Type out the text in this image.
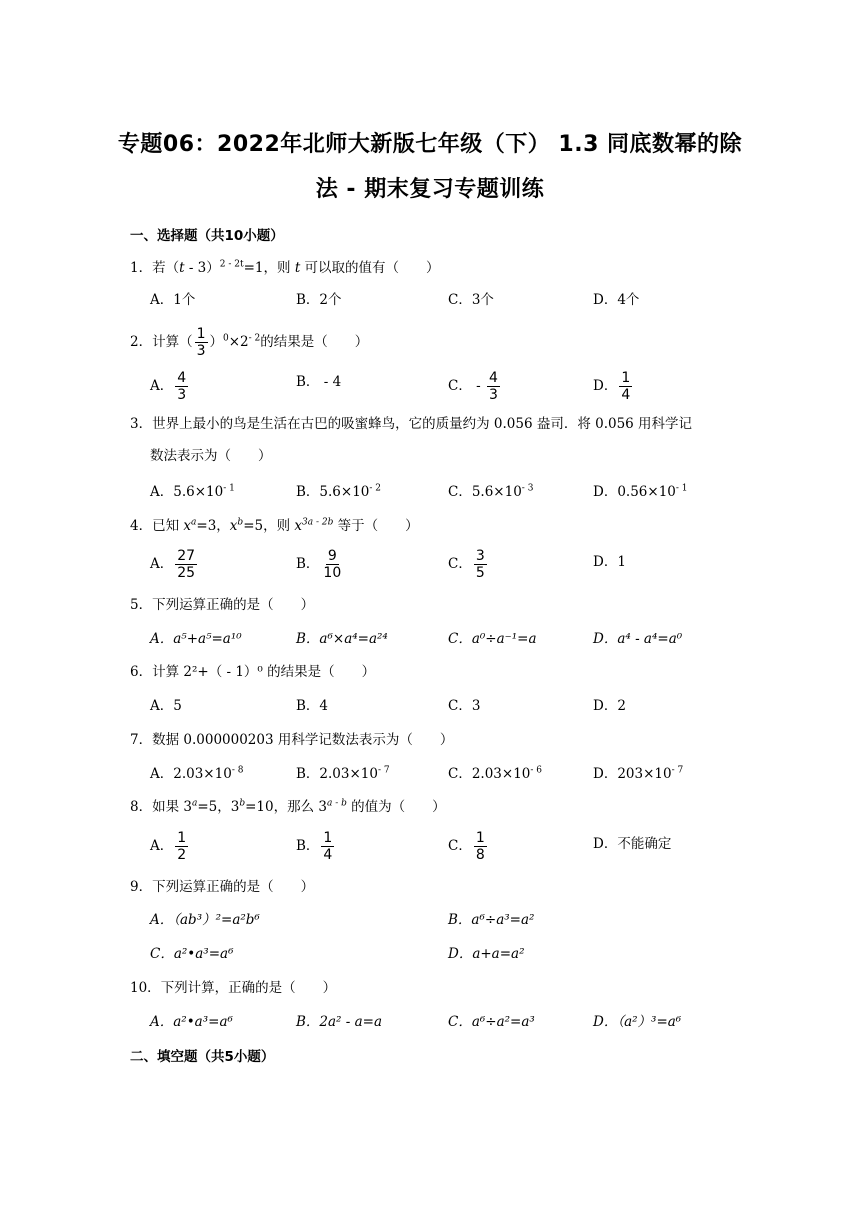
专题06：2022年北师大新版七年级（下） 1.3 同底数幂的除
法 - 期末复习专题训练
一、选择题（共10小题）
1．若（t - 3）$^{2 - 2t}$=1，则 t 可以取的值有（　　）
A．1个	B．2个	C．3个	D．4个
2．计算（ $\frac{1}{3} )^0\times 2^{- 2}$的结果是（　　）
A． $\frac{4}{3}$	B． - 4	C． - $\frac{4}{3}$	D． $\frac{1}{4}$
3．世界上最小的鸟是生活在古巴的吸蜜蜂鸟，它的质量约为 0.056 盎司．将 0.056 用科学记
数法表示为（　　）
A．$5.6\times 10^{- 1}$	B．$5.6\times 10^{- 2}$	C．$5.6\times 10^{- 3}$	D．$0.56\times 10^{- 1}$
4．已知 $x^a=3$，$x^b=5$，则 $x^{3a - 2b}$ 等于（　　）
A． $\frac{27}{25}$	B． $\frac{9}{10}$	C． $\frac{3}{5}$	D．1
5．下列运算正确的是（　　）
A．a⁵+a⁵=a¹⁰	B．a⁶×a⁴=a²⁴	C．a⁰÷a⁻¹=a	D．a⁴ - a⁴=a⁰
6．计算 2²+（ - 1）⁰ 的结果是（　　）
A．5	B．4	C．3	D．2
7．数据 0.000000203 用科学记数法表示为（　　）
A．$2.03\times 10^{- 8}$	B．$2.03\times 10^{- 7}$	C．$2.03\times 10^{- 6}$	D．$203\times 10^{- 7}$
8．如果 $3^a=5$，$3^b=10$，那么 3$^{a - b}$ 的值为（　　）
A． $\frac{1}{2}$	B． $\frac{1}{4}$	C． $\frac{1}{8}$	D．不能确定
9．下列运算正确的是（　　）
A．（ab³）²=a²b⁶	B．a⁶÷a³=a²
C．a²•a³=a⁶	D．a+a=a²
10．下列计算，正确的是（　　）
A．a²•a³=a⁶	B．2a² - a=a	C．a⁶÷a²=a³	D．（a²）³=a⁶
二、填空题（共5小题）
